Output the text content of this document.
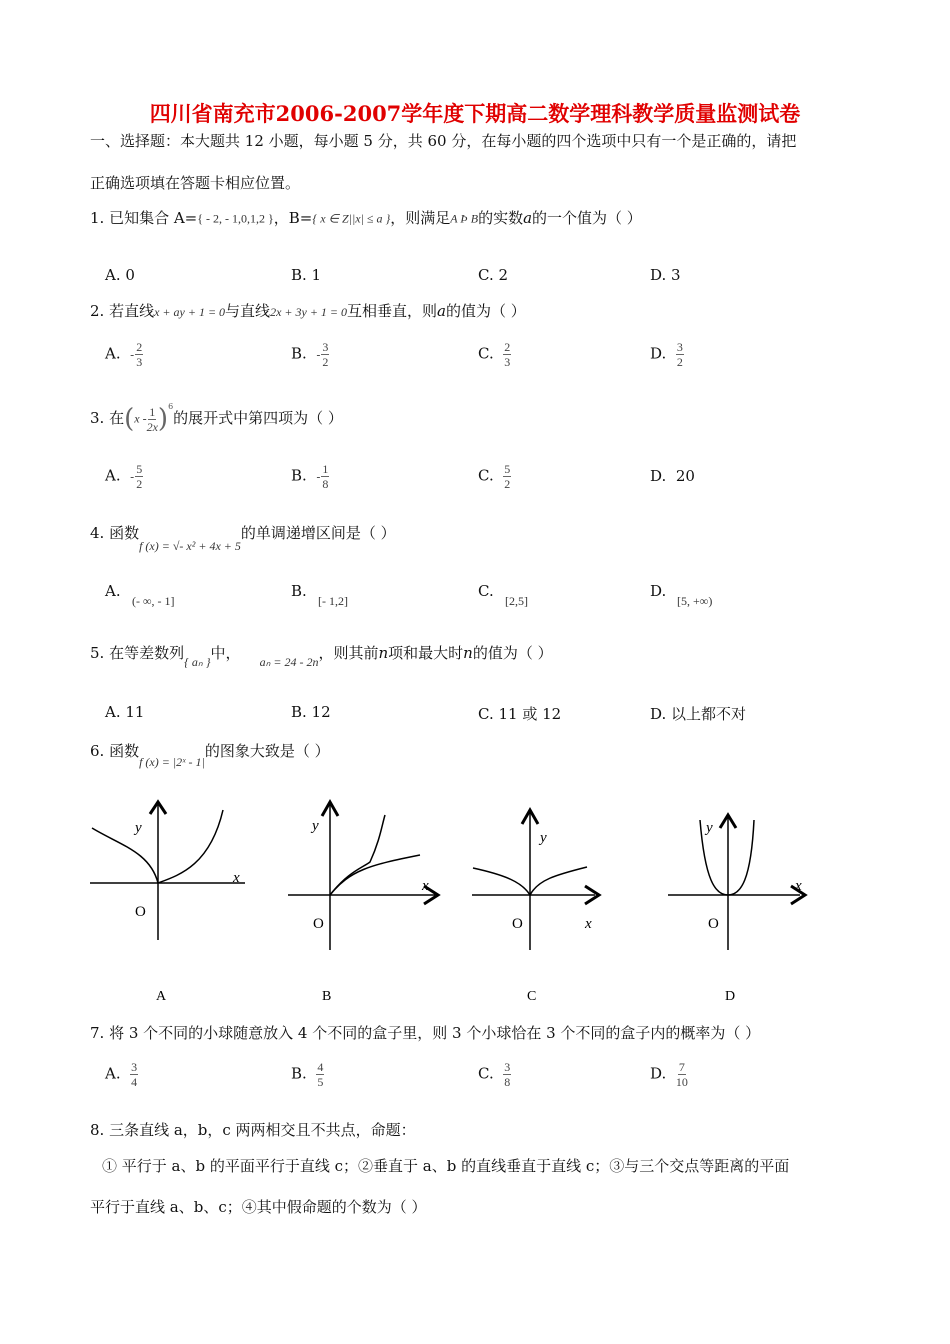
四川省南充市2006-2007学年度下期高二数学理科教学质量监测试卷
一、选择题：本大题共 12 小题，每小题 5 分，共 60 分，在每小题的四个选项中只有一个是正确的，请把
正确选项填在答题卡相应位置。
1. 已知集合 A={ - 2, - 1,0,1,2 }，B={ x ∈ Z||x| ≤ a }，则满足A Þ B的实数a的一个值为（ ）
A. 0	B. 1	C. 2	D. 3
2. 若直线x + ay + 1 = 0与直线2x + 3y + 1 = 0互相垂直，则a的值为（ ）
A. - $\frac{2}{3}$	B. - $\frac{3}{2}$	C. $\frac{2}{3}$	D. $\frac{3}{2}$
3. 在$(x - \frac{1}{2x} )^6$的展开式中第四项为（ ）
A. - $\frac{5}{2}$	B. - $\frac{1}{8}$	C. $\frac{5}{2}$	D. 20
4. 函数$_{f (x) = √- x^2 + 4x + 5}$的单调递增区间是（ ）
A.
(- ∞, - 1]
B.
[- 1,2]
C.
[2,5]
D.
[5, +∞)
5. 在等差数列$_{\{ a_n \}}$中， $_{a_n = 24 - 2n}$，则其前n项和最大时n的值为（ ）
A. 11	B. 12	C. 11 或 12	D. 以上都不对
6. 函数$_{f (x) = |2ˣ - 1|}$的图象大致是（ ）
y
x
O
A
y
x
O
B
y
x
O
C
y
x
O
D
7. 将 3 个不同的小球随意放入 4 个不同的盒子里，则 3 个小球恰在 3 个不同的盒子内的概率为（ ）
A. $\frac{3}{4}$	B. $\frac{4}{5}$	C. $\frac{3}{8}$	D. $\frac{7}{10}$
8. 三条直线 a，b，c 两两相交且不共点，命题：
① 平行于 a、b 的平面平行于直线 c；②垂直于 a、b 的直线垂直于直线 c；③与三个交点等距离的平面
平行于直线 a、b、c；④其中假命题的个数为（ ）
